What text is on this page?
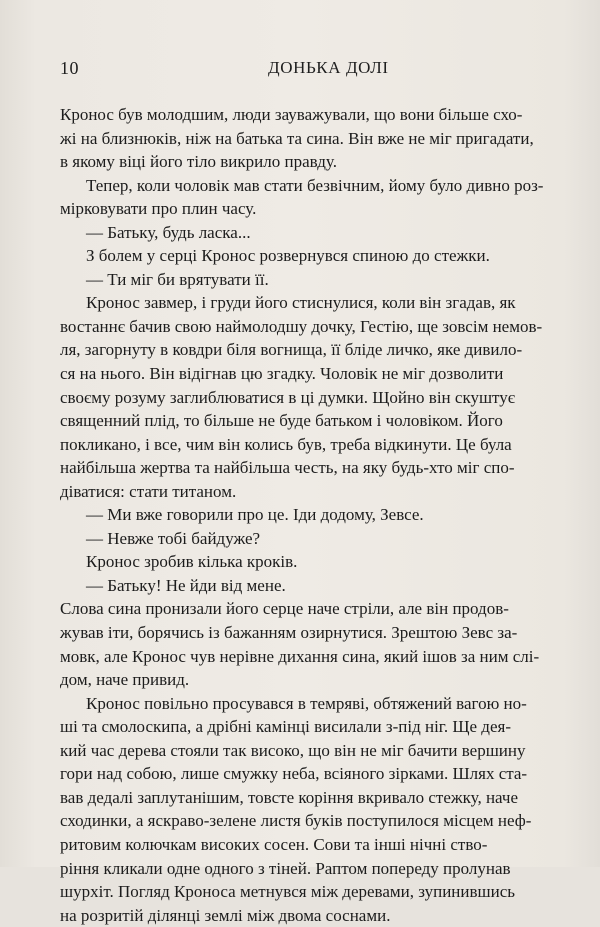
10	ДОНЬКА ДОЛІ
Кронос був молодшим, люди зауважували, що вони більше схо-
жі на близнюків, ніж на батька та сина. Він вже не міг пригадати,
в якому віці його тіло викрило правду.
Тепер, коли чоловік мав стати безвічним, йому було дивно роз-
мірковувати про плин часу.
— Батьку, будь ласка...
З болем у серці Кронос розвернувся спиною до стежки.
— Ти міг би врятувати її.
Кронос завмер, і груди його стиснулися, коли він згадав, як
востаннє бачив свою наймолодшу дочку, Гестію, ще зовсім немов-
ля, загорнуту в ковдри біля вогнища, її бліде личко, яке дивило-
ся на нього. Він відігнав цю згадку. Чоловік не міг дозволити
своєму розуму заглиблюватися в ці думки. Щойно він скуштує
священний плід, то більше не буде батьком і чоловіком. Його
покликано, і все, чим він колись був, треба відкинути. Це була
найбільша жертва та найбільша честь, на яку будь-хто міг спо-
діватися: стати титаном.
— Ми вже говорили про це. Іди додому, Зевсе.
— Невже тобі байдуже?
Кронос зробив кілька кроків.
— Батьку! Не йди від мене.
Слова сина пронизали його серце наче стріли, але він продов-
жував іти, борячись із бажанням озирнутися. Зрештою Зевс за-
мовк, але Кронос чув нерівне дихання сина, який ішов за ним слі-
дом, наче привид.
Кронос повільно просувався в темряві, обтяжений вагою но-
ші та смолоскипа, а дрібні камінці висилали з-під ніг. Ще дея-
кий час дерева стояли так високо, що він не міг бачити вершину
гори над собою, лише смужку неба, всіяного зірками. Шлях ста-
вав дедалі заплутанішим, товсте коріння вкривало стежку, наче
сходинки, а яскраво-зелене листя буків поступилося місцем неф-
ритовим колючкам високих сосен. Сови та інші нічні ство-
ріння кликали одне одного з тіней. Раптом попереду пролунав
шурхіт. Погляд Кроноса метнувся між деревами, зупинившись
на розритій ділянці землі між двома соснами.
